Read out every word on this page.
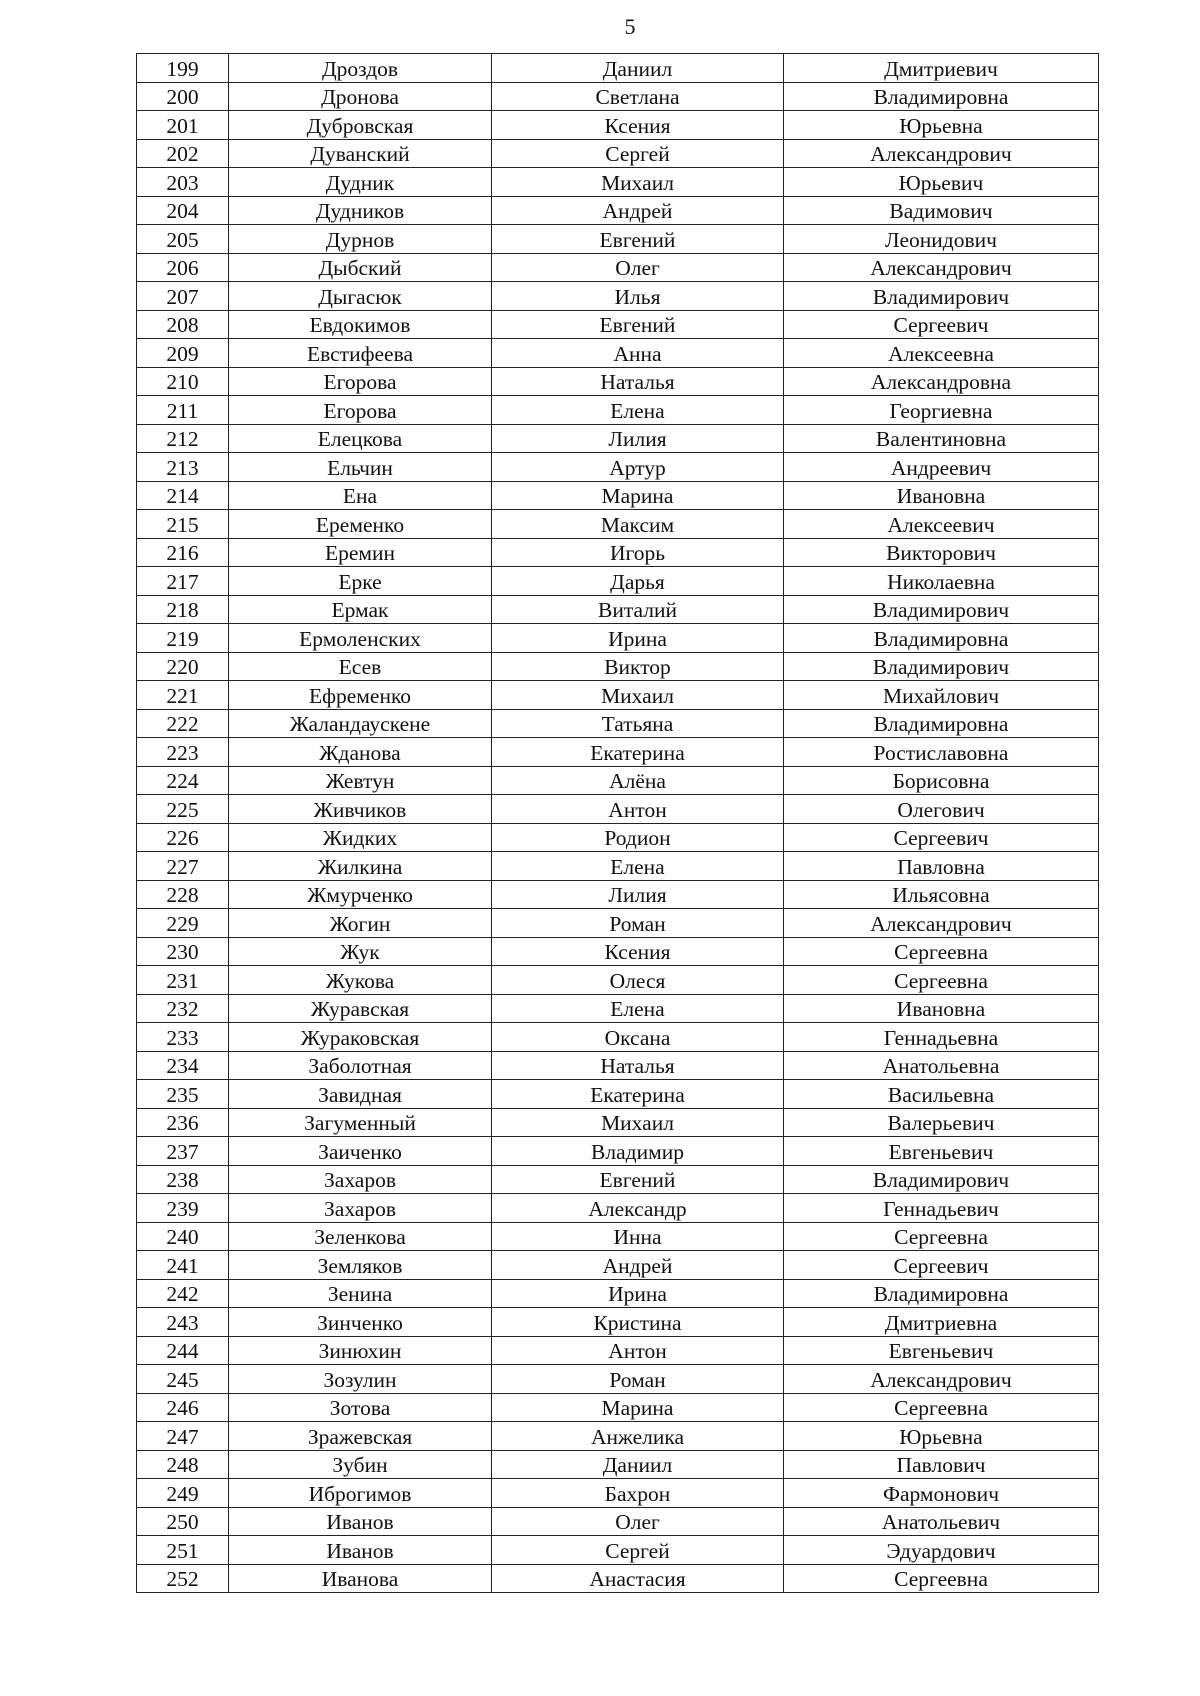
5
199	Дроздов	Даниил	Дмитриевич
200	Дронова	Светлана	Владимировна
201	Дубровская	Ксения	Юрьевна
202	Дуванский	Сергей	Александрович
203	Дудник	Михаил	Юрьевич
204	Дудников	Андрей	Вадимович
205	Дурнов	Евгений	Леонидович
206	Дыбский	Олег	Александрович
207	Дыгасюк	Илья	Владимирович
208	Евдокимов	Евгений	Сергеевич
209	Евстифеева	Анна	Алексеевна
210	Егорова	Наталья	Александровна
211	Егорова	Елена	Георгиевна
212	Елецкова	Лилия	Валентиновна
213	Ельчин	Артур	Андреевич
214	Ена	Марина	Ивановна
215	Еременко	Максим	Алексеевич
216	Еремин	Игорь	Викторович
217	Ерке	Дарья	Николаевна
218	Ермак	Виталий	Владимирович
219	Ермоленских	Ирина	Владимировна
220	Есев	Виктор	Владимирович
221	Ефременко	Михаил	Михайлович
222	Жаландаускене	Татьяна	Владимировна
223	Жданова	Екатерина	Ростиславовна
224	Жевтун	Алёна	Борисовна
225	Живчиков	Антон	Олегович
226	Жидких	Родион	Сергеевич
227	Жилкина	Елена	Павловна
228	Жмурченко	Лилия	Ильясовна
229	Жогин	Роман	Александрович
230	Жук	Ксения	Сергеевна
231	Жукова	Олеся	Сергеевна
232	Журавская	Елена	Ивановна
233	Жураковская	Оксана	Геннадьевна
234	Заболотная	Наталья	Анатольевна
235	Завидная	Екатерина	Васильевна
236	Загуменный	Михаил	Валерьевич
237	Заиченко	Владимир	Евгеньевич
238	Захаров	Евгений	Владимирович
239	Захаров	Александр	Геннадьевич
240	Зеленкова	Инна	Сергеевна
241	Земляков	Андрей	Сергеевич
242	Зенина	Ирина	Владимировна
243	Зинченко	Кристина	Дмитриевна
244	Зинюхин	Антон	Евгеньевич
245	Зозулин	Роман	Александрович
246	Зотова	Марина	Сергеевна
247	Зражевская	Анжелика	Юрьевна
248	Зубин	Даниил	Павлович
249	Иброгимов	Бахрон	Фармонович
250	Иванов	Олег	Анатольевич
251	Иванов	Сергей	Эдуардович
252	Иванова	Анастасия	Сергеевна
